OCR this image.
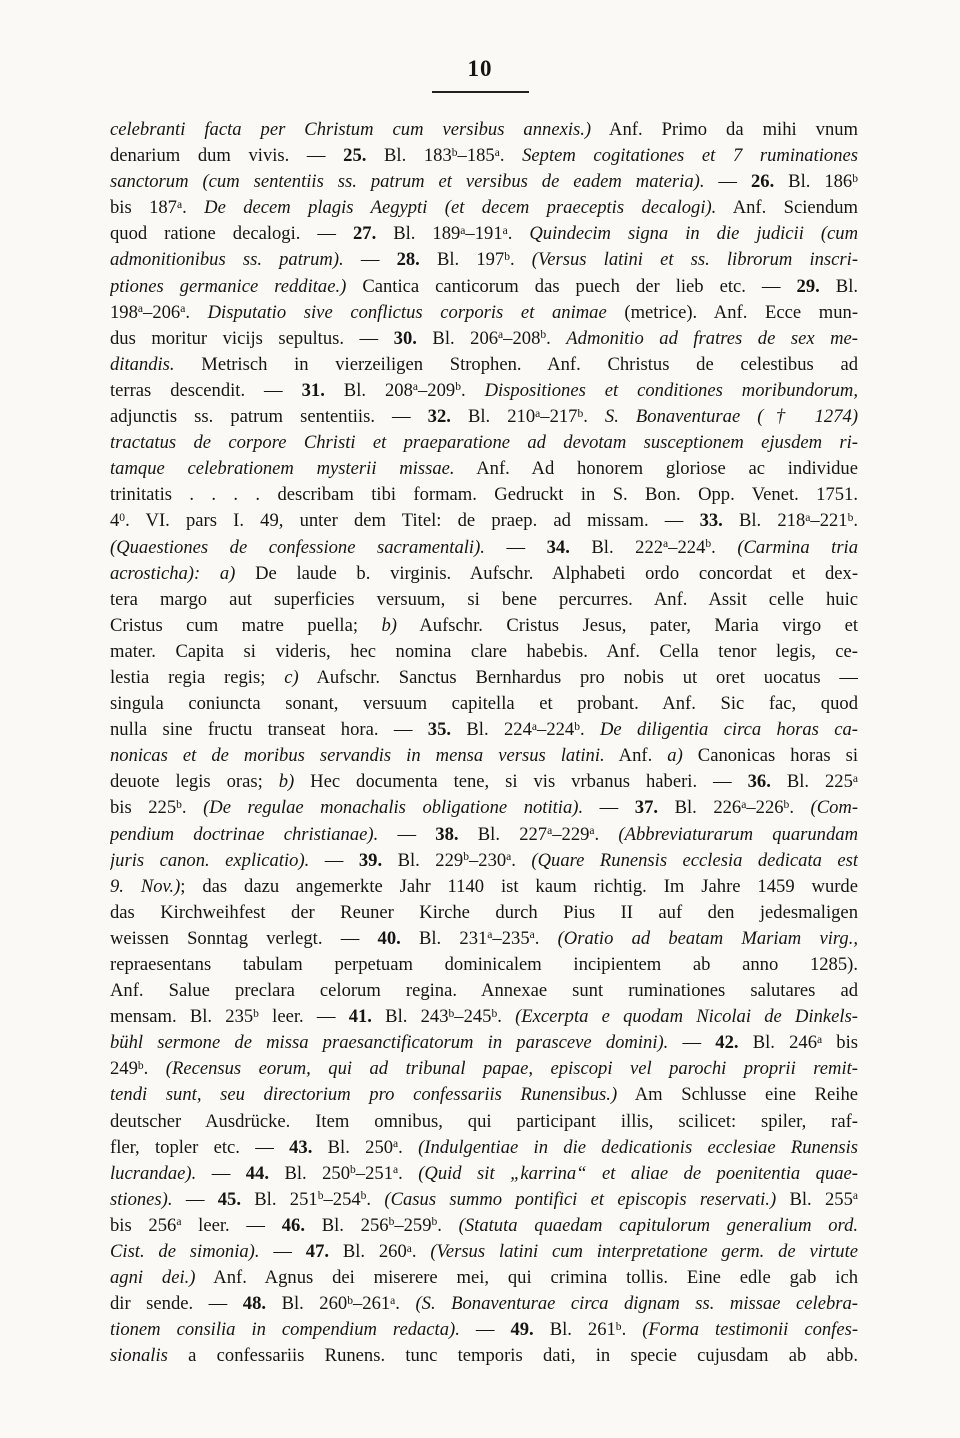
10
celebranti facta per Christum cum versibus annexis.) Anf. Primo da mihi vnum
denarium dum vivis. — 25. Bl. 183$^b$–185$^a$. Septem cogitationes et 7 ruminationes
sanctorum (cum sententiis ss. patrum et versibus de eadem materia). — 26. Bl. 186$^b$
bis 187$^a$. De decem plagis Aegypti (et decem praeceptis decalogi). Anf. Sciendum
quod ratione decalogi. — 27. Bl. 189$^a$–191$^a$. Quindecim signa in die judicii (cum
admonitionibus ss. patrum). — 28. Bl. 197$^b$. (Versus latini et ss. librorum inscri-
ptiones germanice redditae.) Cantica canticorum das puech der lieb etc. — 29. Bl.
198$^a$–206$^a$. Disputatio sive conflictus corporis et animae (metrice). Anf. Ecce mun-
dus moritur vicijs sepultus. — 30. Bl. 206$^a$–208$^b$. Admonitio ad fratres de sex me-
ditandis. Metrisch in vierzeiligen Strophen. Anf. Christus de celestibus ad
terras descendit. — 31. Bl. 208$^a$–209$^b$. Dispositiones et conditiones moribundorum,
adjunctis ss. patrum sententiis. — 32. Bl. 210$^a$–217$^b$. S. Bonaventurae († 1274)
tractatus de corpore Christi et praeparatione ad devotam susceptionem ejusdem ri-
tamque celebrationem mysterii missae. Anf. Ad honorem gloriose ac individue
trinitatis . . . . describam tibi formam. Gedruckt in S. Bon. Opp. Venet. 1751.
$4^0$. VI. pars I. 49, unter dem Titel: de praep. ad missam. — 33. Bl. 218$^a$–221$^b$.
(Quaestiones de confessione sacramentali). — 34. Bl. 222$^a$–224$^b$. (Carmina tria
acrosticha): a) De laude b. virginis. Aufschr. Alphabeti ordo concordat et dex-
tera margo aut superficies versuum, si bene percurres. Anf. Assit celle huic
Cristus cum matre puella; b) Aufschr. Cristus Jesus, pater, Maria virgo et
mater. Capita si videris, hec nomina clare habebis. Anf. Cella tenor legis, ce-
lestia regia regis; c) Aufschr. Sanctus Bernhardus pro nobis ut oret uocatus —
singula coniuncta sonant, versuum capitella et probant. Anf. Sic fac, quod
nulla sine fructu transeat hora. — 35. Bl. 224$^a$–224$^b$. De diligentia circa horas ca-
nonicas et de moribus servandis in mensa versus latini. Anf. a) Canonicas horas si
deuote legis oras; b) Hec documenta tene, si vis vrbanus haberi. — 36. Bl. 225$^a$
bis 225$^b$. (De regulae monachalis obligatione notitia). — 37. Bl. 226$^a$–226$^b$. (Com-
pendium doctrinae christianae). — 38. Bl. 227$^a$–229$^a$. (Abbreviaturarum quarundam
juris canon. explicatio). — 39. Bl. 229$^b$–230$^a$. (Quare Runensis ecclesia dedicata est
9. Nov.); das dazu angemerkte Jahr 1140 ist kaum richtig. Im Jahre 1459 wurde
das Kirchweihfest der Reuner Kirche durch Pius II auf den jedesmaligen
weissen Sonntag verlegt. — 40. Bl. 231$^a$–235$^a$. (Oratio ad beatam Mariam virg.,
repraesentans tabulam perpetuam dominicalem incipientem ab anno 1285).
Anf. Salue preclara celorum regina. Annexae sunt ruminationes salutares ad
mensam. Bl. 235$^b$ leer. — 41. Bl. 243$^b$–245$^b$. (Excerpta e quodam Nicolai de Dinkels-
bühl sermone de missa praesanctificatorum in parasceve domini). — 42. Bl. 246$^a$ bis
249$^b$. (Recensus eorum, qui ad tribunal papae, episcopi vel parochi proprii remit-
tendi sunt, seu directorium pro confessariis Runensibus.) Am Schlusse eine Reihe
deutscher Ausdrücke. Item omnibus, qui participant illis, scilicet: spiler, raf-
fler, topler etc. — 43. Bl. 250$^a$. (Indulgentiae in die dedicationis ecclesiae Runensis
lucrandae). — 44. Bl. 250$^b$–251$^a$. (Quid sit „karrina“ et aliae de poenitentia quae-
stiones). — 45. Bl. 251$^b$–254$^b$. (Casus summo pontifici et episcopis reservati.) Bl. 255$^a$
bis 256$^a$ leer. — 46. Bl. 256$^b$–259$^b$. (Statuta quaedam capitulorum generalium ord.
Cist. de simonia). — 47. Bl. 260$^a$. (Versus latini cum interpretatione germ. de virtute
agni dei.) Anf. Agnus dei miserere mei, qui crimina tollis. Eine edle gab ich
dir sende. — 48. Bl. 260$^b$–261$^a$. (S. Bonaventurae circa dignam ss. missae celebra-
tionem consilia in compendium redacta). — 49. Bl. 261$^b$. (Forma testimonii confes-
sionalis a confessariis Runens. tunc temporis dati, in specie cujusdam ab abb.
